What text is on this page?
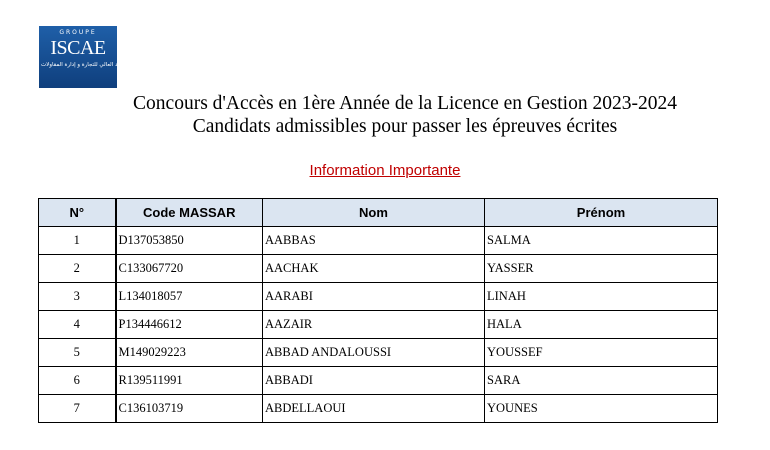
GROUPE
ISCAE
المعهد العالي للتجارة و إدارة المقاولات
Concours d'Accès en 1ère Année de la Licence en Gestion 2023-2024
Candidats admissibles pour passer les épreuves écrites
Information Importante
N°	Code MASSAR	Nom	Prénom
1	D137053850	AABBAS	SALMA
2	C133067720	AACHAK	YASSER
3	L134018057	AARABI	LINAH
4	P134446612	AAZAIR	HALA
5	M149029223	ABBAD ANDALOUSSI	YOUSSEF
6	R139511991	ABBADI	SARA
7	C136103719	ABDELLAOUI	YOUNES
